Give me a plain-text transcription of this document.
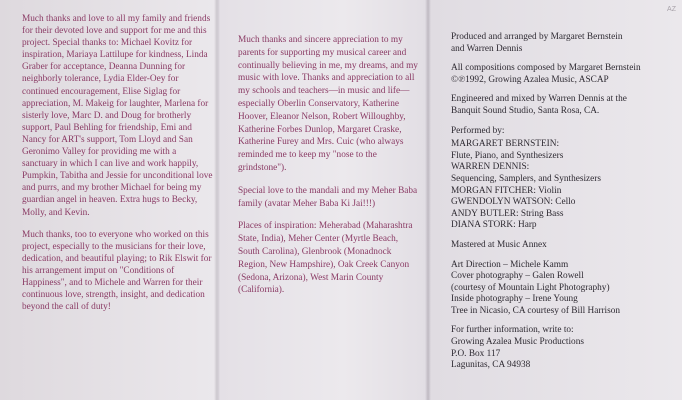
AZ

Much thanks and love to all my family and friends for their devoted love and support for me and this project. Special thanks to: Michael Kovitz for inspiration, Mariaya Lattilupe for kindness, Linda Graber for acceptance, Deanna Dunning for neighborly tolerance, Lydia Elder-Oey for continued encouragement, Elise Siglag for appreciation, M. Makeig for laughter, Marlena for sisterly love, Marc D. and Doug for brotherly support, Paul Behling for friendship, Emi and Nancy for ART's support, Tom Lloyd and San Geronimo Valley for providing me with a sanctuary in which I can live and work happily, Pumpkin, Tabitha and Jessie for unconditional love and purrs, and my brother Michael for being my guardian angel in heaven. Extra hugs to Becky, Molly, and Kevin.

Much thanks, too to everyone who worked on this project, especially to the musicians for their love, dedication, and beautiful playing; to Rik Elswit for his arrangement imput on "Conditions of Happiness", and to Michele and Warren for their continuous love, strength, insight, and dedication beyond the call of duty!

Much thanks and sincere appreciation to my parents for supporting my musical career and continually believing in me, my dreams, and my music with love. Thanks and appreciation to all my schools and teachers—in music and life—especially Oberlin Conservatory, Katherine Hoover, Eleanor Nelson, Robert Willoughby, Katherine Forbes Dunlop, Margaret Craske, Katherine Furey and Mrs. Cuic (who always reminded me to keep my "nose to the grindstone").

Special love to the mandali and my Meher Baba family (avatar Meher Baba Ki Jai!!!)

Places of inspiration: Meherabad (Maharashtra State, India), Meher Center (Myrtle Beach, South Carolina), Glenbrook (Monadnock Region, New Hampshire), Oak Creek Canyon (Sedona, Arizona), West Marin County (California).

Produced and arranged by Margaret Bernstein
and Warren Dennis
All compositions composed by Margaret Bernstein
©℗1992, Growing Azalea Music, ASCAP
Engineered and mixed by Warren Dennis at the
Banquit Sound Studio, Santa Rosa, CA.
Performed by:
MARGARET BERNSTEIN:
Flute, Piano, and Synthesizers
WARREN DENNIS:
Sequencing, Samplers, and Synthesizers
MORGAN FITCHER: Violin
GWENDOLYN WATSON: Cello
ANDY BUTLER: String Bass
DIANA STORK: Harp
Mastered at Music Annex
Art Direction – Michele Kamm
Cover photography – Galen Rowell
(courtesy of Mountain Light Photography)
Inside photography – Irene Young
Tree in Nicasio, CA courtesy of Bill Harrison
For further information, write to:
Growing Azalea Music Productions
P.O. Box 117
Lagunitas, CA 94938
